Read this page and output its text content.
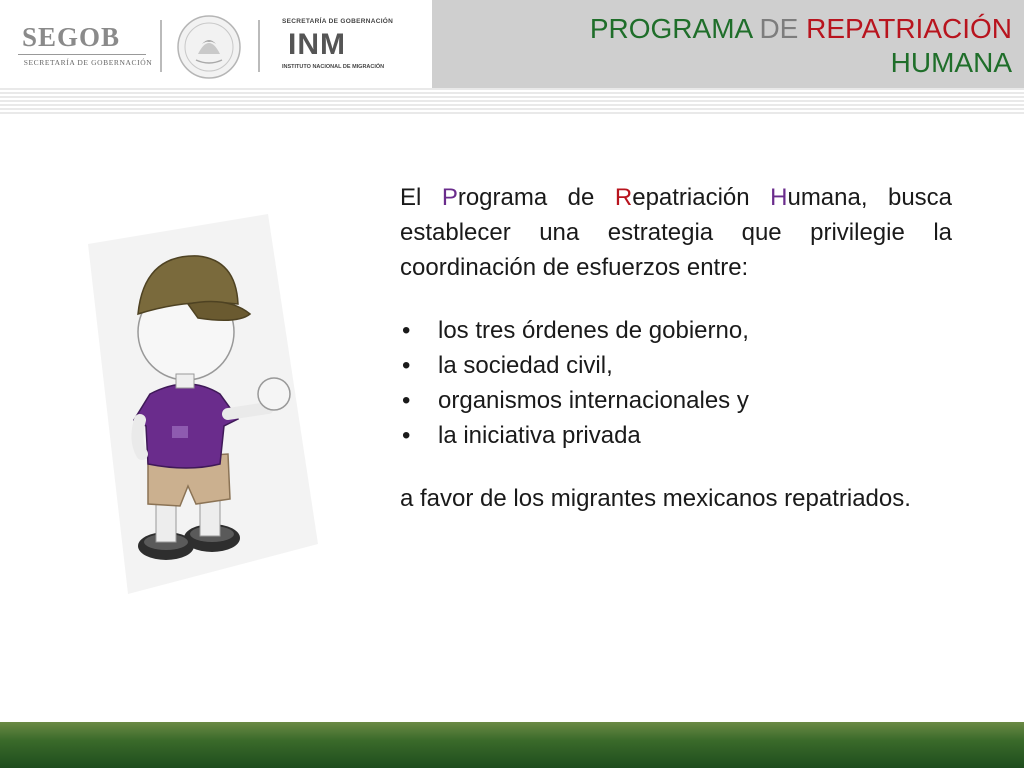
SEGOB
SECRETARÍA DE GOBERNACIÓN
SECRETARÍA DE GOBERNACIÓN
INM
INSTITUTO NACIONAL DE MIGRACIÓN
PROGRAMA DE REPATRIACIÓN
HUMANA

El Programa de Repatriación Humana, busca establecer una estrategia que privilegie la coordinación de esfuerzos entre:

• los tres órdenes de gobierno,
• la sociedad civil,
• organismos internacionales y
• la iniciativa privada

a favor de los migrantes mexicanos repatriados.
